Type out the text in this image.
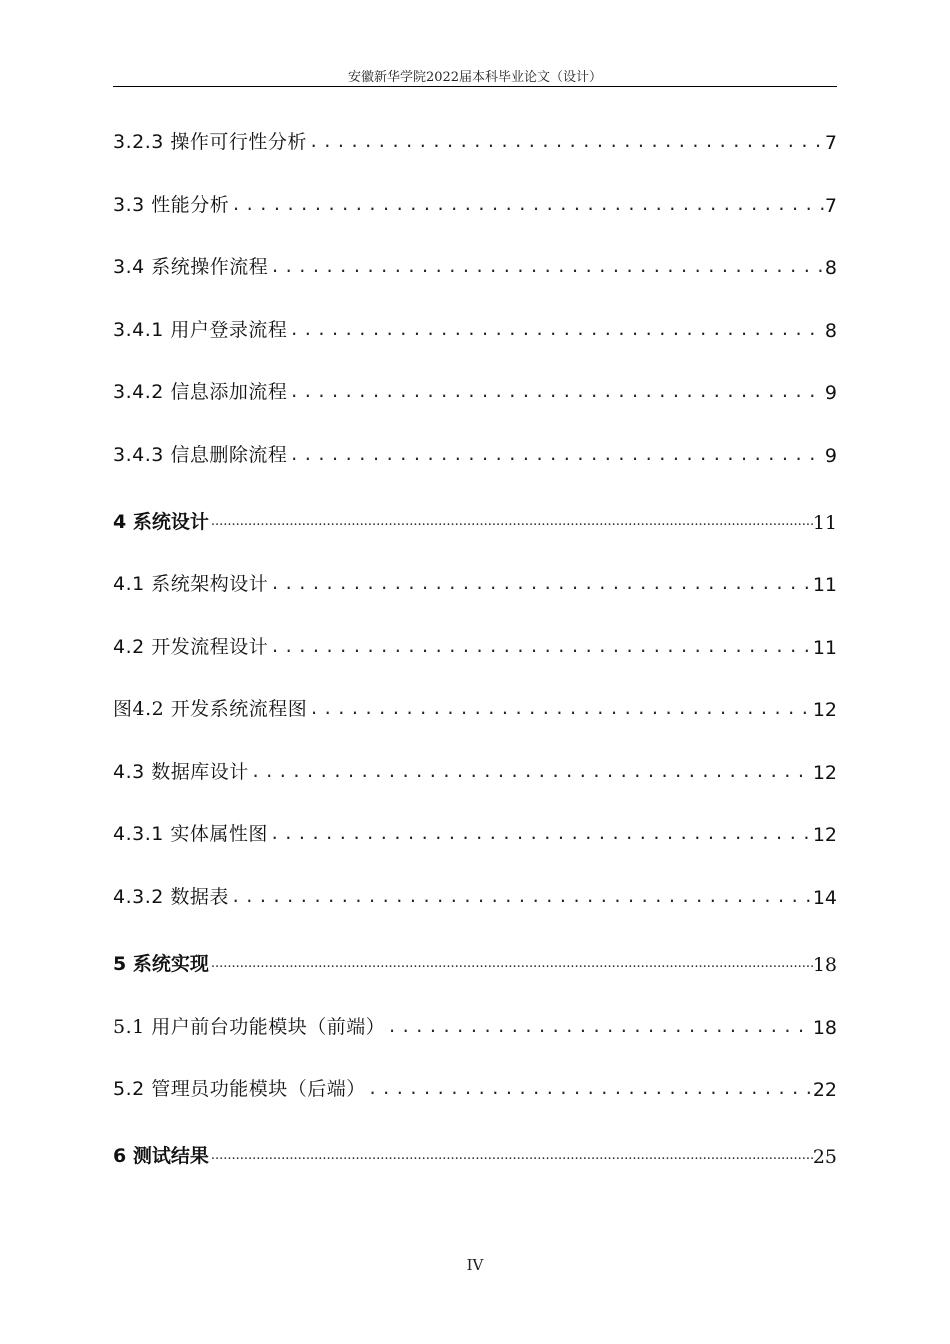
安徽新华学院2022届本科毕业论文（设计）
3.2.3 操作可行性分析 .....	7
3.3 性能分析 .....	7
3.4 系统操作流程 .....	8
3.4.1 用户登录流程 .....	8
3.4.2 信息添加流程 .....	9
3.4.3 信息删除流程 .....	9
4 系统设计 .....	11
4.1 系统架构设计 .....	11
4.2 开发流程设计 .....	11
图4.2 开发系统流程图 .....	12
4.3 数据库设计 .....	12
4.3.1 实体属性图 .....	12
4.3.2 数据表 .....	14
5 系统实现 .....	18
5.1 用户前台功能模块（前端） .....	18
5.2 管理员功能模块（后端） .....	22
6 测试结果 .....	25
IV
